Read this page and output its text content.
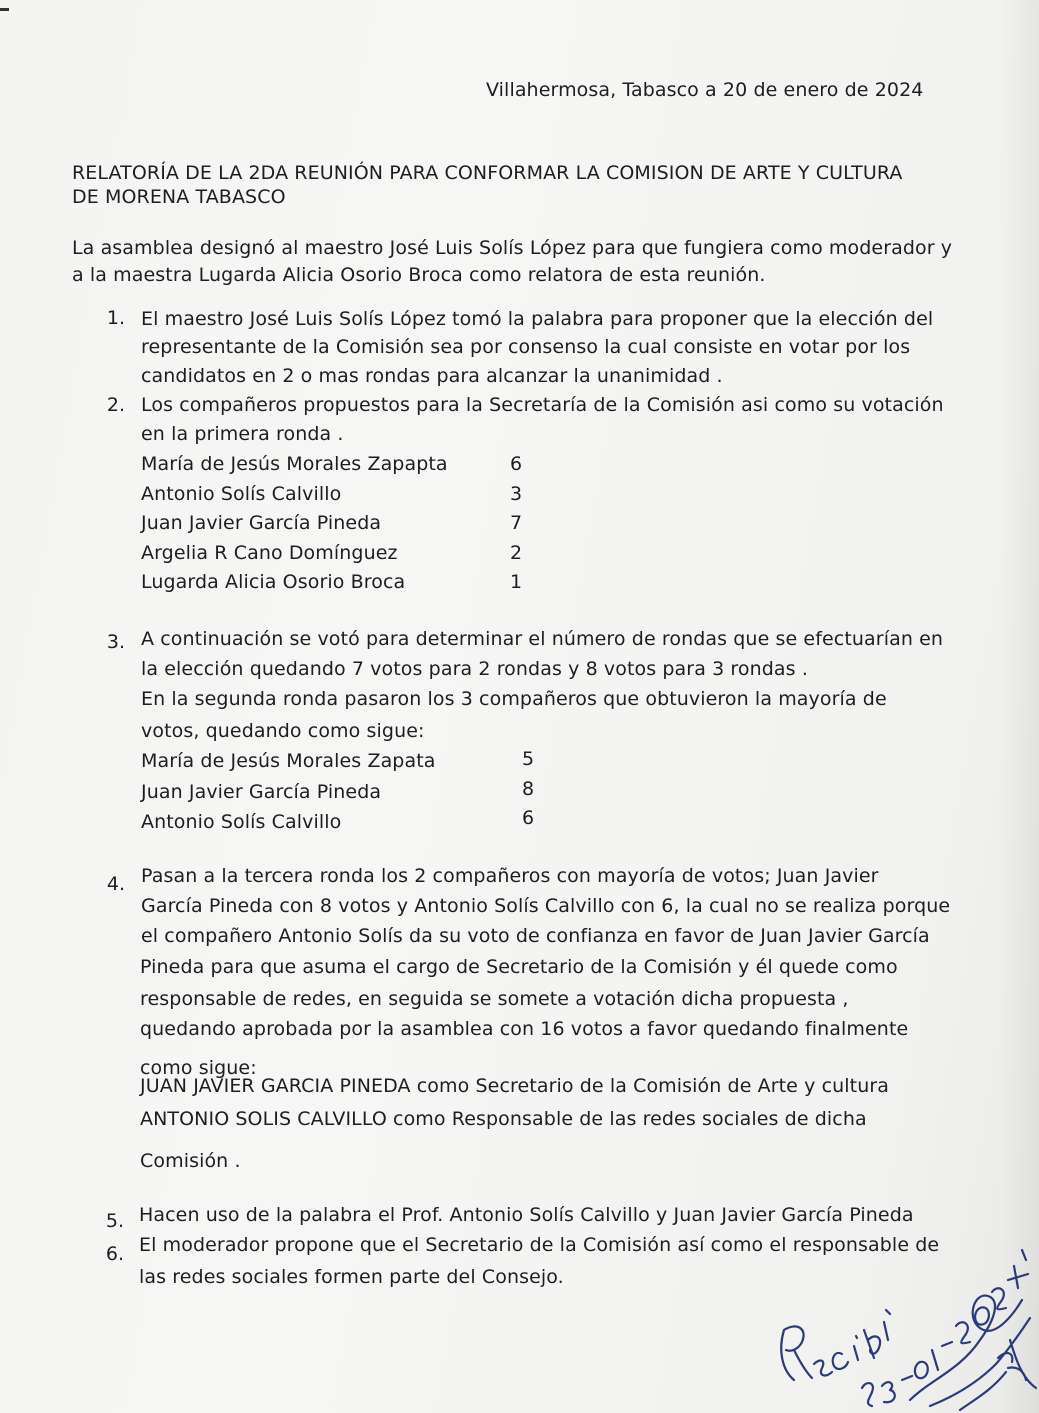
Villahermosa, Tabasco a 20 de enero de 2024
RELATORÍA DE LA 2DA REUNIÓN PARA CONFORMAR LA COMISION DE ARTE Y CULTURA
DE MORENA TABASCO
La asamblea designó al maestro José Luis Solís López para que fungiera como moderador y
a la maestra Lugarda Alicia Osorio Broca como relatora de esta reunión.
1. El maestro José Luis Solís López tomó la palabra para proponer que la elección del
representante de la Comisión sea por consenso la cual consiste en votar por los
candidatos en 2 o mas rondas para alcanzar la unanimidad .
2. Los compañeros propuestos para la Secretaría de la Comisión asi como su votación
en la primera ronda .
María de Jesús Morales Zapapta	6
Antonio Solís Calvillo	3
Juan Javier García Pineda	7
Argelia R Cano Domínguez	2
Lugarda Alicia Osorio Broca	1
3. A continuación se votó para determinar el número de rondas que se efectuarían en
la elección quedando 7 votos para 2 rondas y 8 votos para 3 rondas .
En la segunda ronda pasaron los 3 compañeros que obtuvieron la mayoría de
votos, quedando como sigue:
María de Jesús Morales Zapata	5
Juan Javier García Pineda	8
Antonio Solís Calvillo	6
4. Pasan a la tercera ronda los 2 compañeros con mayoría de votos; Juan Javier
García Pineda con 8 votos y Antonio Solís Calvillo con 6, la cual no se realiza porque
el compañero Antonio Solís da su voto de confianza en favor de Juan Javier García
Pineda para que asuma el cargo de Secretario de la Comisión y él quede como
responsable de redes, en seguida se somete a votación dicha propuesta ,
quedando aprobada por la asamblea con 16 votos a favor quedando finalmente
como sigue:
JUAN JAVIER GARCIA PINEDA como Secretario de la Comisión de Arte y cultura
ANTONIO SOLIS CALVILLO como Responsable de las redes sociales de dicha
Comisión .
5. Hacen uso de la palabra el Prof. Antonio Solís Calvillo y Juan Javier García Pineda
6. El moderador propone que el Secretario de la Comisión así como el responsable de
las redes sociales formen parte del Consejo.
